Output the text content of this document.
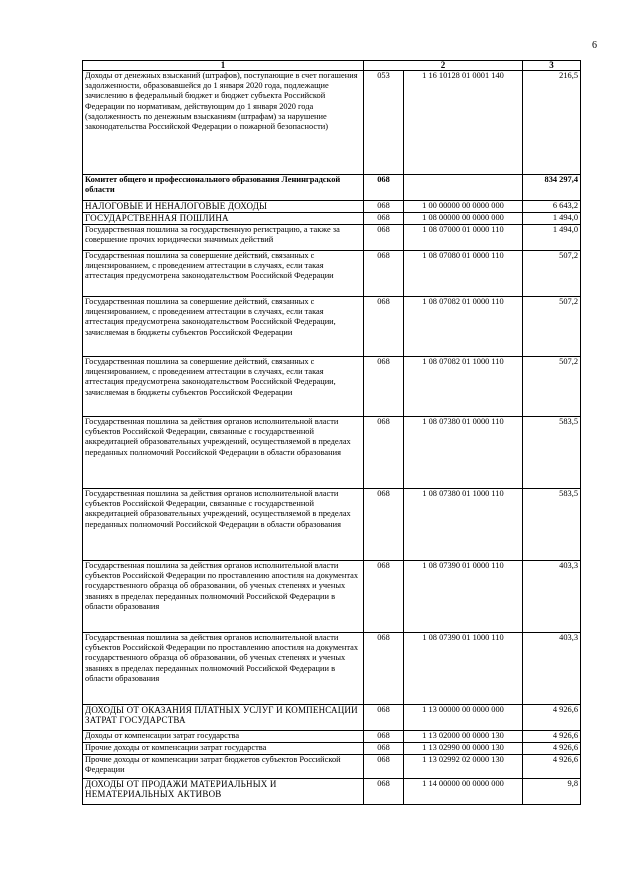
6
1	2		3
Доходы от денежных взысканий (штрафов), поступающие в счет погашения задолженности, образовавшейся до 1 января 2020 года, подлежащие зачислению в федеральный бюджет и бюджет субъекта Российской Федерации по нормативам, действующим до 1 января 2020 года (задолженность по денежным взысканиям (штрафам) за нарушение законодательства Российской Федерации о пожарной безопасности)	053	1 16 10128 01 0001 140	216,5
Комитет общего и профессионального образования Ленинградской области	068		834 297,4
НАЛОГОВЫЕ И НЕНАЛОГОВЫЕ ДОХОДЫ	068	1 00 00000 00 0000 000	6 643,2
ГОСУДАРСТВЕННАЯ ПОШЛИНА	068	1 08 00000 00 0000 000	1 494,0
Государственная пошлина за государственную регистрацию, а также за совершение прочих юридически значимых действий	068	1 08 07000 01 0000 110	1 494,0
Государственная пошлина за совершение действий, связанных с лицензированием, с проведением аттестации в случаях, если такая аттестация предусмотрена законодательством Российской Федерации	068	1 08 07080 01 0000 110	507,2
Государственная пошлина за совершение действий, связанных с лицензированием, с проведением аттестации в случаях, если такая аттестация предусмотрена законодательством Российской Федерации, зачисляемая в бюджеты субъектов Российской Федерации	068	1 08 07082 01 0000 110	507,2
Государственная пошлина за совершение действий, связанных с лицензированием, с проведением аттестации в случаях, если такая аттестация предусмотрена законодательством Российской Федерации, зачисляемая в бюджеты субъектов Российской Федерации	068	1 08 07082 01 1000 110	507,2
Государственная пошлина за действия органов исполнительной власти субъектов Российской Федерации, связанные с государственной аккредитацией образовательных учреждений, осуществляемой в пределах переданных полномочий Российской Федерации в области образования	068	1 08 07380 01 0000 110	583,5
Государственная пошлина за действия органов исполнительной власти субъектов Российской Федерации, связанные с государственной аккредитацией образовательных учреждений, осуществляемой в пределах переданных полномочий Российской Федерации в области образования	068	1 08 07380 01 1000 110	583,5
Государственная пошлина за действия органов исполнительной власти субъектов Российской Федерации по проставлению апостиля на документах государственного образца об образовании, об ученых степенях и ученых званиях в пределах переданных полномочий Российской Федерации в области образования	068	1 08 07390 01 0000 110	403,3
Государственная пошлина за действия органов исполнительной власти субъектов Российской Федерации по проставлению апостиля на документах государственного образца об образовании, об ученых степенях и ученых званиях в пределах переданных полномочий Российской Федерации в области образования	068	1 08 07390 01 1000 110	403,3
ДОХОДЫ ОТ ОКАЗАНИЯ ПЛАТНЫХ УСЛУГ И КОМПЕНСАЦИИ ЗАТРАТ ГОСУДАРСТВА	068	1 13 00000 00 0000 000	4 926,6
Доходы от компенсации затрат государства	068	1 13 02000 00 0000 130	4 926,6
Прочие доходы от компенсации затрат государства	068	1 13 02990 00 0000 130	4 926,6
Прочие доходы от компенсации затрат бюджетов субъектов Российской Федерации	068	1 13 02992 02 0000 130	4 926,6
ДОХОДЫ ОТ ПРОДАЖИ МАТЕРИАЛЬНЫХ И НЕМАТЕРИАЛЬНЫХ АКТИВОВ	068	1 14 00000 00 0000 000	9,8
